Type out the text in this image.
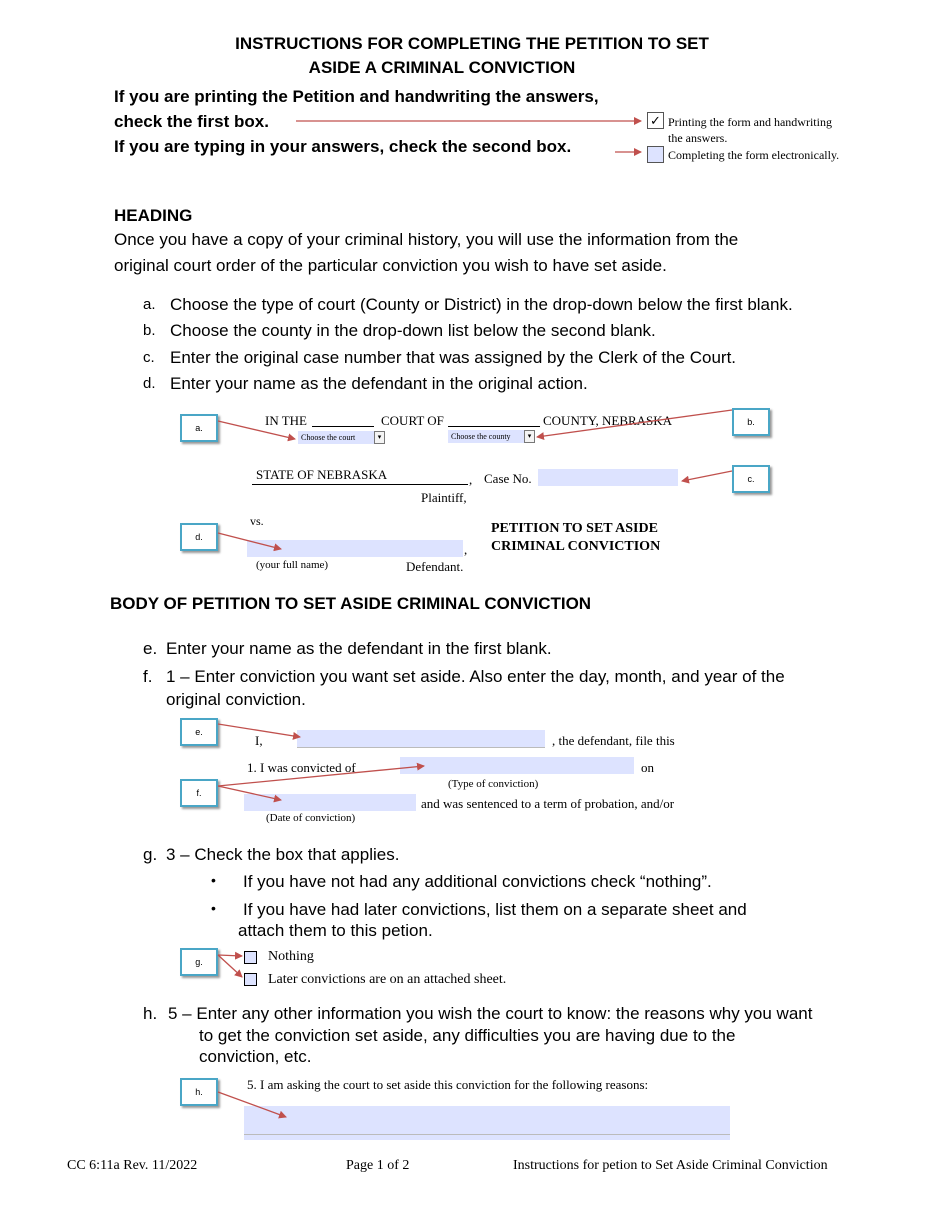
INSTRUCTIONS FOR COMPLETING THE PETITION TO SET
ASIDE A CRIMINAL CONVICTION
If you are printing the Petition and handwriting the answers,
check the first box.
If you are typing in your answers, check the second box.
✓ Printing the form and handwriting
the answers.
Completing the form electronically.
HEADING
Once you have a copy of your criminal history, you will use the information from the
original court order of the particular conviction you wish to have set aside.
a. Choose the type of court (County or District) in the drop-down below the first blank.
b. Choose the county in the drop-down list below the second blank.
c. Enter the original case number that was assigned by the Clerk of the Court.
d. Enter your name as the defendant in the original action.
IN THE	COURT OF	COUNTY, NEBRASKA
Choose the court	▾	Choose the county	▾
STATE OF NEBRASKA	, Case No.
Plaintiff,
vs.
,
(your full name)	Defendant.
PETITION TO SET ASIDE
CRIMINAL CONVICTION
BODY OF PETITION TO SET ASIDE CRIMINAL CONVICTION
e. Enter your name as the defendant in the first blank.
f. 1 – Enter conviction you want set aside. Also enter the day, month, and year of the
original conviction.
I,	, the defendant, file this
1. I was convicted of	on
(Type of conviction)
and was sentenced to a term of probation, and/or
(Date of conviction)
g. 3 – Check the box that applies.
• If you have not had any additional convictions check “nothing”.
• If you have had later convictions, list them on a separate sheet and
attach them to this petion.
Nothing
Later convictions are on an attached sheet.
h. 5 – Enter any other information you wish the court to know: the reasons why you want
to get the conviction set aside, any difficulties you are having due to the
conviction, etc.
5. I am asking the court to set aside this conviction for the following reasons:
a.
b.
c.
d.
e.
f.
g.
h.
CC 6:11a Rev. 11/2022	Page 1 of 2	Instructions for petion to Set Aside Criminal Conviction
